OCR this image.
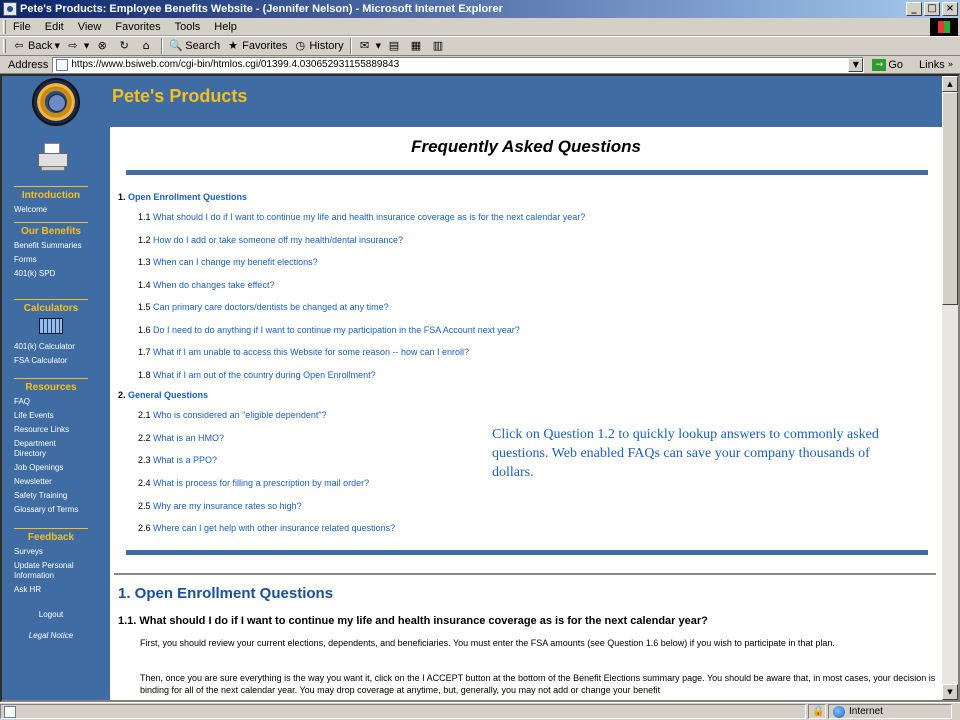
Pete's Products: Employee Benefits Website - (Jennifer Nelson) - Microsoft Internet Explorer	_	□ ×
File	Edit	View	Favorites	Tools	Help
⇦ Back ▼ ⇨ ▼ ⊗ ↻	⌂	🔍 Search ★ Favorites ◷ History ✉ ▼ ▤ ▦ ▥
Address
https://www.bsiweb.com/cgi-bin/htmlos.cgi/01399.4.030652931155889843	▼	→ Go Links »
Introduction
Welcome
Our Benefits
Benefit Summaries
Forms
401(k) SPD
Calculators
401(k) Calculator
FSA Calculator
Resources
FAQ
Life Events
Resource Links
Department Directory
Job Openings
Newsletter
Safety Training
Glossary of Terms
Feedback
Surveys
Update Personal Information
Ask HR
Logout
Legal Notice
Pete's Products
Frequently Asked Questions
1. Open Enrollment Questions
1.1 What should I do if I want to continue my life and health insurance coverage as is for the next calendar year?
1.2 How do I add or take someone off my health/dental insurance?
1.3 When can I change my benefit elections?
1.4 When do changes take effect?
1.5 Can primary care doctors/dentists be changed at any time?
1.6 Do I need to do anything if I want to continue my participation in the FSA Account next year?
1.7 What if I am unable to access this Website for some reason -- how can I enroll?
1.8 What if I am out of the country during Open Enrollment?
2. General Questions
2.1 Who is considered an "eligible dependent"?
2.2 What is an HMO?
2.3 What is a PPO?
2.4 What is process for filling a prescription by mail order?
2.5 Why are my insurance rates so high?
2.6 Where can I get help with other insurance related questions?
Click on Question 1.2 to quickly lookup answers to commonly asked questions. Web enabled FAQs can save your company thousands of dollars.
1. Open Enrollment Questions
1.1. What should I do if I want to continue my life and health insurance coverage as is for the next calendar year?
First, you should review your current elections, dependents, and beneficiaries. You must enter the FSA amounts (see Question 1.6 below) if you wish to participate in that plan.
Then, once you are sure everything is the way you want it, click on the I ACCEPT button at the bottom of the Benefit Elections summary page. You should be aware that, in most cases, your decision is binding for all of the next calendar year. You may drop coverage at anytime, but, generally, you may not add or change your benefit
▲
▼
🔒	Internet
